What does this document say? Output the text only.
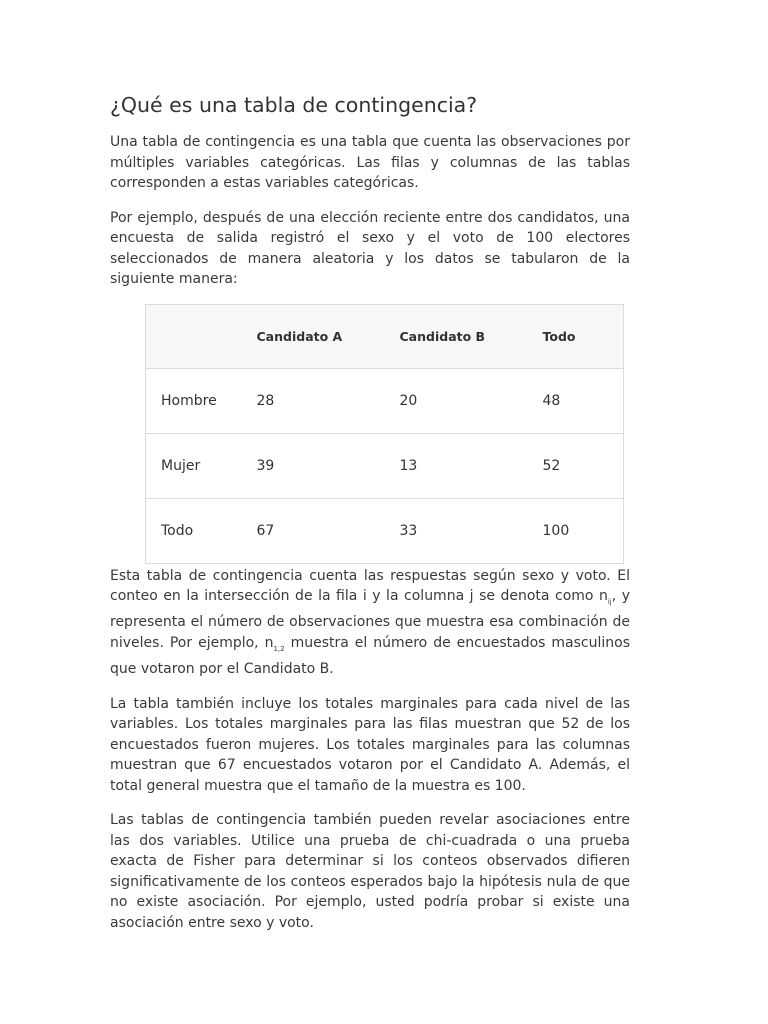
¿Qué es una tabla de contingencia?

Una tabla de contingencia es una tabla que cuenta las observaciones por múltiples variables categóricas. Las filas y columnas de las tablas corresponden a estas variables categóricas.

Por ejemplo, después de una elección reciente entre dos candidatos, una encuesta de salida registró el sexo y el voto de 100 electores seleccionados de manera aleatoria y los datos se tabularon de la siguiente manera:

	Candidato A	Candidato B	Todo
Hombre	28	20	48
Mujer	39	13	52
Todo	67	33	100

Esta tabla de contingencia cuenta las respuestas según sexo y voto. El conteo en la intersección de la fila i y la columna j se denota como $n_{ij}$, y representa el número de observaciones que muestra esa combinación de niveles. Por ejemplo, $n_{1,2}$ muestra el número de encuestados masculinos que votaron por el Candidato B.

La tabla también incluye los totales marginales para cada nivel de las variables. Los totales marginales para las filas muestran que 52 de los encuestados fueron mujeres. Los totales marginales para las columnas muestran que 67 encuestados votaron por el Candidato A. Además, el total general muestra que el tamaño de la muestra es 100.

Las tablas de contingencia también pueden revelar asociaciones entre las dos variables. Utilice una prueba de chi-cuadrada o una prueba exacta de Fisher para determinar si los conteos observados difieren significativamente de los conteos esperados bajo la hipótesis nula de que no existe asociación. Por ejemplo, usted podría probar si existe una asociación entre sexo y voto.
